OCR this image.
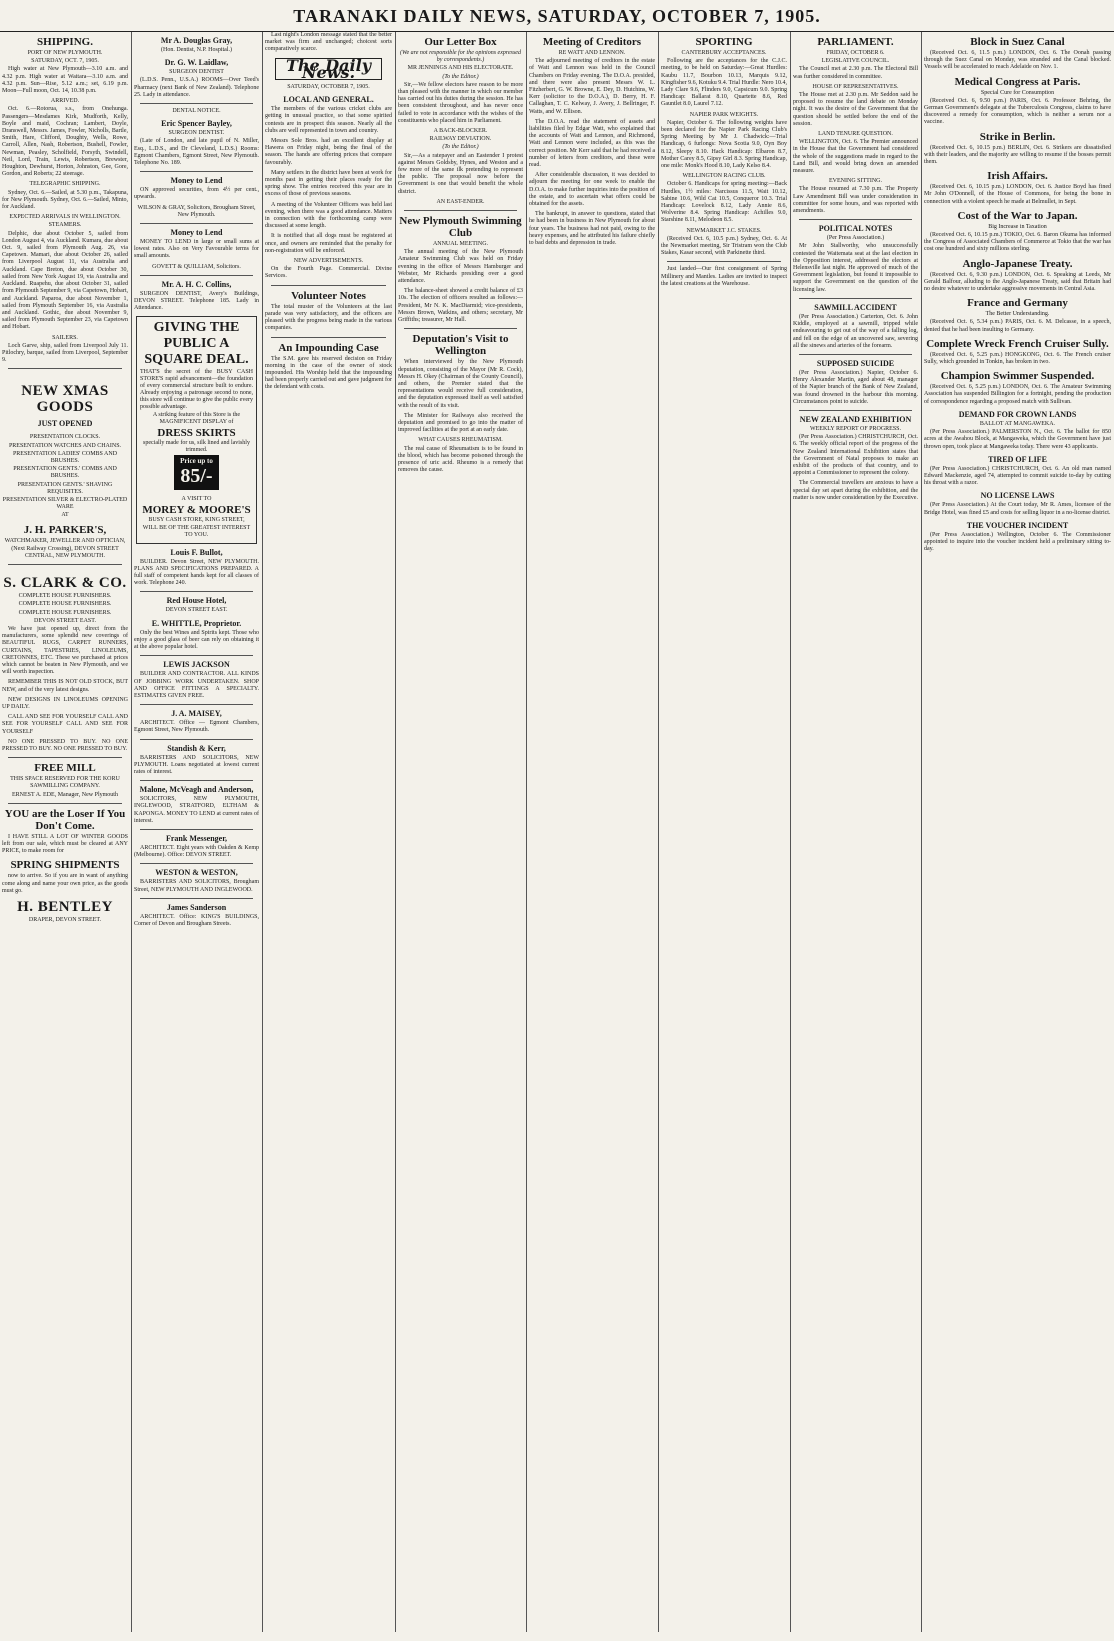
TARANAKI DAILY NEWS, SATURDAY, OCTOBER 7, 1905.
SHIPPING.
PORT OF NEW PLYMOUTH.
SATURDAY, OCT. 7, 1905.
High water at New Plymouth—3.10 a.m. and 4.32 p.m. High water at Waitara—3.10 a.m. and 4.32 p.m. Sun—Rise, 5.12 a.m.; set, 6.19 p.m. Moon—Full moon, Oct. 14, 10.38 p.m.
ARRIVED.
Oct. 6.—Rotorua, s.s., from Onehunga. Passengers—Mesdames Kirk, Mudforth, Kelly, Boyle and maid, Cochran; Lambert, Doyle, Dranswell, Messrs. James, Fowler, Nicholls, Bartle, Smith, Hare, Clifford, Doughty, Wells, Rowe, Carroll, Allen, Nash, Robertson, Bushell, Fowler, Newman, Peasley, Scholfield, Forsyth, Swindell, Neil, Lord, Train, Lewis, Robertson, Brewster, Houghton, Dewhurst, Horton, Johnston, Gee, Gore, Gordon, and Roberts; 22 steerage.
TELEGRAPHIC SHIPPING.
Sydney, Oct. 6.—Sailed, at 5.30 p.m., Takapuna, for New Plymouth. Sydney, Oct. 6.—Sailed, Minto, for Auckland.
EXPECTED ARRIVALS IN WELLINGTON.
STEAMERS.
Delphic, due about October 5, sailed from London August 4, via Auckland. Kumara, due about Oct. 9, sailed from Plymouth Aug. 26, via Capetown. Mamari, due about October 26, sailed from Liverpool August 11, via Australia and Auckland. Cape Breton, due about October 30, sailed from New York August 19, via Australia and Auckland. Ruapehu, due about October 31, sailed from Plymouth September 9, via Capetown, Hobart, and Auckland. Paparoa, due about November 1, sailed from Plymouth September 16, via Australia and Auckland. Gothic, due about November 9, sailed from Plymouth September 23, via Capetown and Hobart.
SAILERS.
Loch Garve, ship, sailed from Liverpool July 11. Pitlochry, barque, sailed from Liverpool, September 9.
NEW XMAS GOODS
JUST OPENED
PRESENTATION CLOCKS.
PRESENTATION WATCHES AND CHAINS.
PRESENTATION LADIES' COMBS AND BRUSHES.
PRESENTATION GENTS.' COMBS AND BRUSHES.
PRESENTATION GENTS.' SHAVING REQUISITES.
PRESENTATION SILVER & ELECTRO-PLATED WARE
AT
J. H. PARKER'S,
WATCHMAKER, JEWELLER AND OPTICIAN,
(Next Railway Crossing), DEVON STREET CENTRAL, NEW PLYMOUTH.
S. CLARK & CO.
COMPLETE HOUSE FURNISHERS.
COMPLETE HOUSE FURNISHERS.
COMPLETE HOUSE FURNISHERS.
DEVON STREET EAST.
We have just opened up, direct from the manufacturers, some splendid new coverings of BEAUTIFUL RUGS, CARPET RUNNERS, CURTAINS, TAPESTRIES, LINOLEUMS, CRETONNES, ETC. These we purchased at prices which cannot be beaten in New Plymouth, and we will worth inspection.
REMEMBER THIS IS NOT OLD STOCK, BUT NEW, and of the very latest designs.
NEW DESIGNS IN LINOLEUMS OPENING UP DAILY.
CALL AND SEE FOR YOURSELF CALL AND SEE FOR YOURSELF CALL AND SEE FOR YOURSELF
NO ONE PRESSED TO BUY. NO ONE PRESSED TO BUY. NO ONE PRESSED TO BUY.
FREE MILL
THIS SPACE RESERVED FOR THE KORU SAWMILLING COMPANY.
ERNEST A. EDE, Manager, New Plymouth
YOU are the Loser If You Don't Come.
I HAVE STILL A LOT OF WINTER GOODS left from our sale, which must be cleared at ANY PRICE, to make room for
SPRING SHIPMENTS
now to arrive. So if you are in want of anything come along and name your own price, as the goods must go.
H. BENTLEY
DRAPER, DEVON STREET.
Mr A. Douglas Gray,
(Hon. Dentist, N.P. Hospital.)
Dr. G. W. Laidlaw,
SURGEON DENTIST
(L.D.S. Penn., U.S.A.) ROOMS—Over Teed's Pharmacy (next Bank of New Zealand). Telephone 25. Lady in attendance.
DENTAL NOTICE.
Eric Spencer Bayley,
SURGEON DENTIST.
(Late of London, and late pupil of N. Miller, Esq., L.D.S., and Dr Cleveland, L.D.S.) Rooms: Egmont Chambers, Egmont Street, New Plymouth. Telephone No. 189.
Money to Lend
ON approved securities, from 4½ per cent., upwards.
WILSON & GRAY, Solicitors, Brougham Street, New Plymouth.
Money to Lend
MONEY TO LEND in large or small sums at lowest rates. Also on Very Favourable terms for small amounts.
GOVETT & QUILLIAM, Solicitors.
Mr. A. H. C. Collins,
SURGEON DENTIST, Avery's Buildings, DEVON STREET. Telephone 185. Lady in Attendance.
GIVING THE PUBLIC A SQUARE DEAL.
THAT'S the secret of the BUSY CASH STORE'S rapid advancement—the foundation of every commercial structure built to endure. Already enjoying a patronage second to none, this store will continue to give the public every possible advantage.
A striking feature of this Store is the MAGNIFICENT DISPLAY of
DRESS SKIRTS
specially made for us, silk lined and lavishly trimmed.
Price up to
85/-
A VISIT TO
MOREY & MOORE'S
BUSY CASH STORE, KING STREET,
WILL BE OF THE GREATEST INTEREST TO YOU.
Louis F. Bullot,
BUILDER. Devon Street, NEW PLYMOUTH. PLANS AND SPECIFICATIONS PREPARED. A full staff of competent hands kept for all classes of work. Telephone 240.
Red House Hotel,
DEVON STREET EAST.
E. WHITTLE, Proprietor.
Only the best Wines and Spirits kept. Those who enjoy a good glass of beer can rely on obtaining it at the above popular hotel.
LEWIS JACKSON
BUILDER AND CONTRACTOR. ALL KINDS OF JOBBING WORK UNDERTAKEN. SHOP AND OFFICE FITTINGS A SPECIALTY. ESTIMATES GIVEN FREE.
J. A. MAISEY,
ARCHITECT. Office — Egmont Chambers, Egmont Street, New Plymouth.
Standish & Kerr,
BARRISTERS AND SOLICITORS, NEW PLYMOUTH. Loans negotiated at lowest current rates of interest.
Malone, McVeagh and Anderson,
SOLICITORS, NEW PLYMOUTH, INGLEWOOD, STRATFORD, ELTHAM & KAPONGA. MONEY TO LEND at current rates of interest.
Frank Messenger,
ARCHITECT. Eight years with Oakden & Kemp (Melbourne). Office: DEVON STREET.
WESTON & WESTON,
BARRISTERS AND SOLICITORS, Brougham Street, NEW PLYMOUTH AND INGLEWOOD.
James Sanderson
ARCHITECT. Office: KING'S BUILDINGS, Corner of Devon and Brougham Streets.
Last night's London message stated that the better market was firm and unchanged; choicest sorts comparatively scarce.
The Daily News.
SATURDAY, OCTOBER 7, 1905.
LOCAL AND GENERAL.
The members of the various cricket clubs are getting in unusual practice, so that some spirited contests are in prospect this season. Nearly all the clubs are well represented in town and country.
Messrs Sole Bros. had an excellent display at Hawera on Friday night, being the final of the season. The hands are offering prices that compare favourably.
Many settlers in the district have been at work for months past in getting their places ready for the spring show. The entries received this year are in excess of those of previous seasons.
A meeting of the Volunteer Officers was held last evening, when there was a good attendance. Matters in connection with the forthcoming camp were discussed at some length.
It is notified that all dogs must be registered at once, and owners are reminded that the penalty for non-registration will be enforced.
NEW ADVERTISEMENTS.
On the Fourth Page. Commercial. Divine Services.
Volunteer Notes
The total muster of the Volunteers at the last parade was very satisfactory, and the officers are pleased with the progress being made in the various companies.
An Impounding Case
The S.M. gave his reserved decision on Friday morning in the case of the owner of stock impounded. His Worship held that the impounding had been properly carried out and gave judgment for the defendant with costs.
Our Letter Box
(We are not responsible for the opinions expressed by correspondents.)
MR JENNINGS AND HIS ELECTORATE.
(To the Editor.)
Sir,—We fellow electors have reason to be more than pleased with the manner in which our member has carried out his duties during the session. He has been consistent throughout, and has never once failed to vote in accordance with the wishes of the constituents who placed him in Parliament.
A BACK-BLOCKER.
RAILWAY DEVIATION.
(To the Editor.)
Sir,—As a ratepayer and an Eastender I protest against Messrs Goldsby, Hynes, and Weston and a few more of the same ilk pretending to represent the public. The proposal now before the Government is one that would benefit the whole district.
AN EAST-ENDER.
New Plymouth Swimming Club
ANNUAL MEETING.
The annual meeting of the New Plymouth Amateur Swimming Club was held on Friday evening in the office of Messrs Hamburger and Webster, Mr Richards presiding over a good attendance.
The balance-sheet showed a credit balance of £3 10s. The election of officers resulted as follows:—President, Mr N. K. MacDiarmid; vice-presidents, Messrs Brown, Watkins, and others; secretary, Mr Griffiths; treasurer, Mr Hall.
Deputation's Visit to Wellington
When interviewed by the New Plymouth deputation, consisting of the Mayor (Mr R. Cock), Messrs H. Okey (Chairman of the County Council), and others, the Premier stated that the representations would receive full consideration, and the deputation expressed itself as well satisfied with the result of its visit.
The Minister for Railways also received the deputation and promised to go into the matter of improved facilities at the port at an early date.
WHAT CAUSES RHEUMATISM.
The real cause of Rheumatism is to be found in the blood, which has become poisoned through the presence of uric acid. Rheumo is a remedy that removes the cause.
Meeting of Creditors
RE WATT AND LENNON.
The adjourned meeting of creditors in the estate of Watt and Lennon was held in the Council Chambers on Friday evening. The D.O.A. presided, and there were also present Messrs W. L. Fitzherbert, G. W. Browne, E. Dey, D. Hutchins, W. Kerr (solicitor to the D.O.A.), D. Berry, H. F. Callaghan, T. C. Kelway, J. Avery, J. Bellringer, F. Watts, and W. Ellison.
The D.O.A. read the statement of assets and liabilities filed by Edgar Watt, who explained that the accounts of Watt and Lennon, and Richmond, Watt and Lennon were included, as this was the correct position. Mr Kerr said that he had received a number of letters from creditors, and these were read.
After considerable discussion, it was decided to adjourn the meeting for one week to enable the D.O.A. to make further inquiries into the position of the estate, and to ascertain what offers could be obtained for the assets.
The bankrupt, in answer to questions, stated that he had been in business in New Plymouth for about four years. The business had not paid, owing to the heavy expenses, and he attributed his failure chiefly to bad debts and depression in trade.
SPORTING
CANTERBURY ACCEPTANCES.
Following are the acceptances for the C.J.C. meeting, to be held on Saturday:—Great Hurdles: Kaubu 11.7, Bourbon 10.13, Marquis 9.12, Kingfisher 9.6, Kotuku 9.4. Trial Hurdle: Nero 10.4, Lady Clare 9.6, Flinders 9.0, Capsicum 9.0. Spring Handicap: Ballarat 8.10, Quartette 8.6, Red Gauntlet 8.0, Laurel 7.12.
NAPIER PARK WEIGHTS.
Napier, October 6. The following weights have been declared for the Napier Park Racing Club's Spring Meeting by Mr J. Chadwick:—Trial Handicap, 6 furlongs: Nova Scotia 9.0, Oyn Boy 8.12, Sleepy 8.10. Hack Handicap: Elbaron 8.7, Mother Carey 8.5, Gipsy Girl 8.3. Spring Handicap, one mile: Monk's Hood 8.10, Lady Kelso 8.4.
WELLINGTON RACING CLUB.
October 6. Handicaps for spring meeting:—Back Hurdles, 1½ miles: Narcissus 11.5, Wait 10.12, Sabine 10.6, Wild Cat 10.5, Conqueror 10.3. Trial Handicap: Lovelock 8.12, Lady Annie 8.6, Wolverine 8.4. Spring Handicap: Achilles 9.0, Starshine 8.11, Melodeon 8.5.
NEWMARKET J.C. STAKES.
(Received Oct. 6, 10.5 p.m.) Sydney, Oct. 6. At the Newmarket meeting, Sir Tristram won the Club Stakes, Kasar second, with Parkinette third.
Just landed—Our first consignment of Spring Millinery and Mantles. Ladies are invited to inspect the latest creations at the Warehouse.
PARLIAMENT.
FRIDAY, OCTOBER 6.
LEGISLATIVE COUNCIL.
The Council met at 2.30 p.m. The Electoral Bill was further considered in committee.
HOUSE OF REPRESENTATIVES.
The House met at 2.30 p.m. Mr Seddon said he proposed to resume the land debate on Monday night. It was the desire of the Government that the question should be settled before the end of the session.
LAND TENURE QUESTION.
WELLINGTON, Oct. 6. The Premier announced in the House that the Government had considered the whole of the suggestions made in regard to the Land Bill, and would bring down an amended measure.
EVENING SITTING.
The House resumed at 7.30 p.m. The Property Law Amendment Bill was under consideration in committee for some hours, and was reported with amendments.
POLITICAL NOTES
(Per Press Association.)
Mr John Stallworthy, who unsuccessfully contested the Waitemata seat at the last election in the Opposition interest, addressed the electors at Helensville last night. He approved of much of the Government legislation, but found it impossible to support the Government on the question of the licensing law.
SAWMILL ACCIDENT
(Per Press Association.) Carterton, Oct. 6. John Kiddle, employed at a sawmill, tripped while endeavouring to get out of the way of a falling log, and fell on the edge of an uncovered saw, severing all the sinews and arteries of the forearm.
SUPPOSED SUICIDE
(Per Press Association.) Napier, October 6. Henry Alexander Martin, aged about 48, manager of the Napier branch of the Bank of New Zealand, was found drowned in the harbour this morning. Circumstances point to suicide.
NEW ZEALAND EXHIBITION
WEEKLY REPORT OF PROGRESS.
(Per Press Association.) CHRISTCHURCH, Oct. 6. The weekly official report of the progress of the New Zealand International Exhibition states that the Government of Natal proposes to make an exhibit of the products of that country, and to appoint a Commissioner to represent the colony.
The Commercial travellers are anxious to have a special day set apart during the exhibition, and the matter is now under consideration by the Executive.
Block in Suez Canal
(Received Oct. 6, 11.5 p.m.) LONDON, Oct. 6. The Oonah passing through the Suez Canal on Monday, was stranded and the Canal blocked. Vessels will be accelerated to reach Adelaide on Nov. 1.
Medical Congress at Paris.
Special Cure for Consumption
(Received Oct. 6, 9.50 p.m.) PARIS, Oct. 6. Professor Behring, the German Government's delegate at the Tuberculosis Congress, claims to have discovered a remedy for consumption, which is neither a serum nor a vaccine.
Strike in Berlin.
(Received Oct. 6, 10.15 p.m.) BERLIN, Oct. 6. Strikers are dissatisfied with their leaders, and the majority are willing to resume if the bosses permit them.
Irish Affairs.
(Received Oct. 6, 10.15 p.m.) LONDON, Oct. 6. Justice Boyd has fined Mr John O'Donnell, of the House of Commons, for being the bone in connection with a violent speech he made at Belmullet, in Sept.
Cost of the War to Japan.
Big Increase in Taxation
(Received Oct. 6, 10.15 p.m.) TOKIO, Oct. 6. Baron Okuma has informed the Congress of Associated Chambers of Commerce at Tokio that the war has cost one hundred and sixty millions sterling.
Anglo-Japanese Treaty.
(Received Oct. 6, 9.30 p.m.) LONDON, Oct. 6. Speaking at Leeds, Mr Gerald Balfour, alluding to the Anglo-Japanese Treaty, said that Britain had no desire whatever to undertake aggressive movements in Central Asia.
France and Germany
The Better Understanding.
(Received Oct. 6, 5.34 p.m.) PARIS, Oct. 6. M. Delcasse, in a speech, denied that he had been insulting to Germany.
Complete Wreck French Cruiser Sully.
(Received Oct. 6, 5.25 p.m.) HONGKONG, Oct. 6. The French cruiser Sully, which grounded in Tonkin, has broken in two.
Champion Swimmer Suspended.
(Received Oct. 6, 5.25 p.m.) LONDON, Oct. 6. The Amateur Swimming Association has suspended Billington for a fortnight, pending the production of correspondence regarding a proposed match with Sullivan.
DEMAND FOR CROWN LANDS
BALLOT AT MANGAWEKA.
(Per Press Association.) PALMERSTON N., Oct. 6. The ballot for 850 acres at the Awahou Block, at Mangaweka, which the Government have just thrown open, took place at Mangaweka today. There were 43 applicants.
TIRED OF LIFE
(Per Press Association.) CHRISTCHURCH, Oct. 6. An old man named Edward Mackenzie, aged 74, attempted to commit suicide to-day by cutting his throat with a razor.
NO LICENSE LAWS
(Per Press Association.) At the Court today, Mr R. Ames, licensee of the Bridge Hotel, was fined £5 and costs for selling liquor in a no-license district.
THE VOUCHER INCIDENT
(Per Press Association.) Wellington, October 6. The Commissioner appointed to inquire into the voucher incident held a preliminary sitting to-day.
